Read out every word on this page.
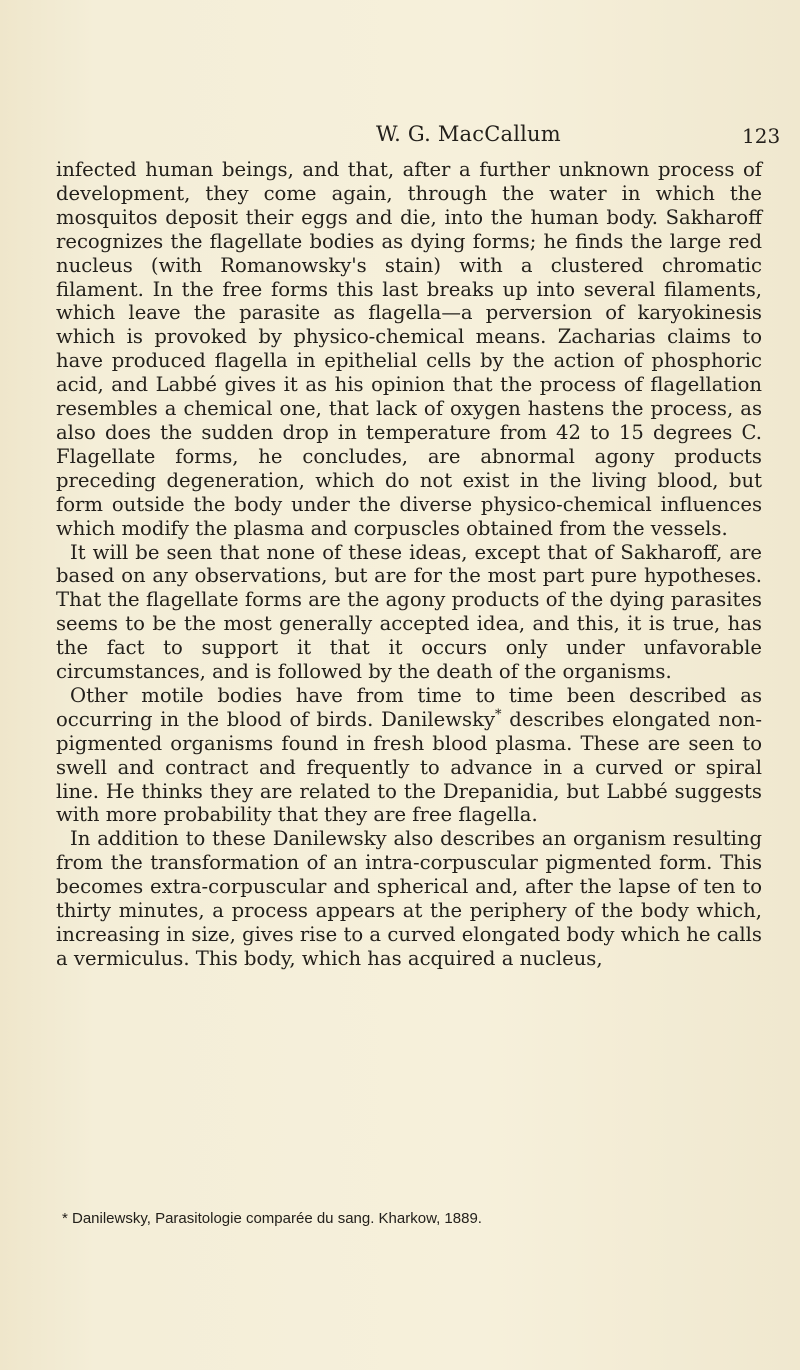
W. G. MacCallum	123

infected human beings, and that, after a further unknown process of development, they come again, through the water in which the mosquitos deposit their eggs and die, into the human body. Sakharoff recognizes the flagellate bodies as dying forms; he finds the large red nucleus (with Romanowsky's stain) with a clustered chromatic filament. In the free forms this last breaks up into several filaments, which leave the parasite as flagella—a perversion of karyokinesis which is provoked by physico-chemical means. Zacharias claims to have produced flagella in epithelial cells by the action of phosphoric acid, and Labbé gives it as his opinion that the process of flagellation resembles a chemical one, that lack of oxygen hastens the process, as also does the sudden drop in temperature from 42 to 15 degrees C. Flagellate forms, he concludes, are abnormal agony products preceding degeneration, which do not exist in the living blood, but form outside the body under the diverse physico-chemical influences which modify the plasma and corpuscles obtained from the vessels.

It will be seen that none of these ideas, except that of Sakharoff, are based on any observations, but are for the most part pure hypotheses. That the flagellate forms are the agony products of the dying parasites seems to be the most generally accepted idea, and this, it is true, has the fact to support it that it occurs only under unfavorable circumstances, and is followed by the death of the organisms.

Other motile bodies have from time to time been described as occurring in the blood of birds. Danilewsky* describes elongated non-pigmented organisms found in fresh blood plasma. These are seen to swell and contract and frequently to advance in a curved or spiral line. He thinks they are related to the Drepanidia, but Labbé suggests with more probability that they are free flagella.

In addition to these Danilewsky also describes an organism resulting from the transformation of an intra-corpuscular pigmented form. This becomes extra-corpuscular and spherical and, after the lapse of ten to thirty minutes, a process appears at the periphery of the body which, increasing in size, gives rise to a curved elongated body which he calls a vermiculus. This body, which has acquired a nucleus,

* Danilewsky, Parasitologie comparée du sang. Kharkow, 1889.
